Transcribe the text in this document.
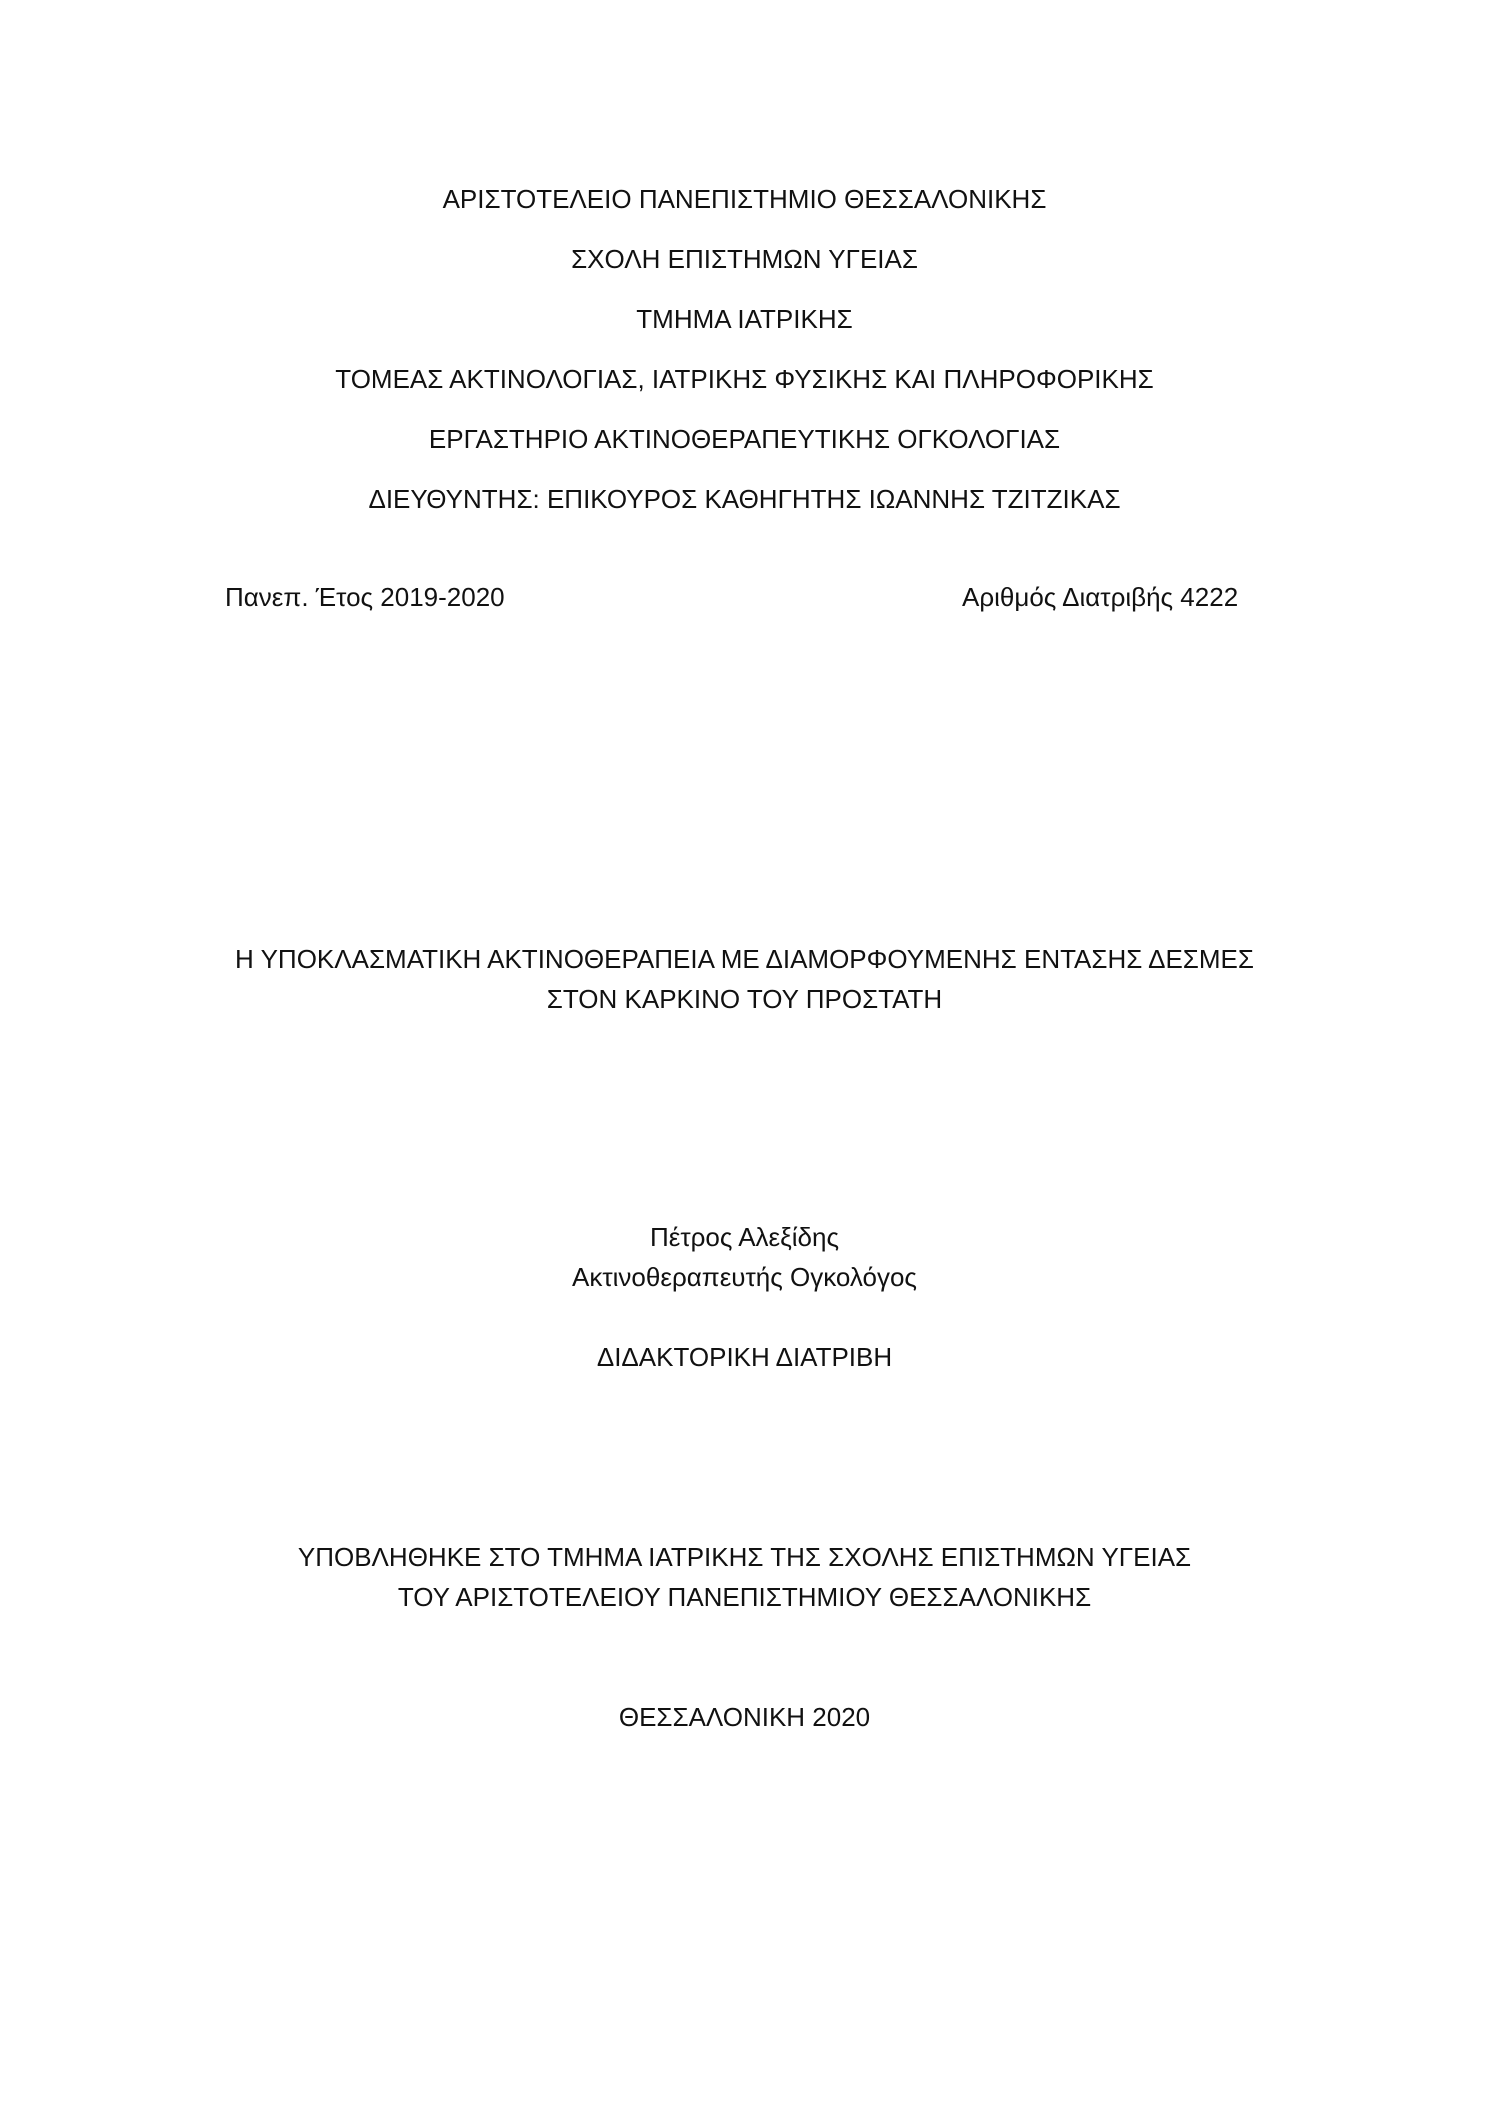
ΑΡΙΣΤΟΤΕΛΕΙΟ ΠΑΝΕΠΙΣΤΗΜΙΟ ΘΕΣΣΑΛΟΝΙΚΗΣ
ΣΧΟΛΗ ΕΠΙΣΤΗΜΩΝ ΥΓΕΙΑΣ
ΤΜΗΜΑ ΙΑΤΡΙΚΗΣ
ΤΟΜΕΑΣ ΑΚΤΙΝΟΛΟΓΙΑΣ, ΙΑΤΡΙΚΗΣ ΦΥΣΙΚΗΣ ΚΑΙ ΠΛΗΡΟΦΟΡΙΚΗΣ
ΕΡΓΑΣΤΗΡΙΟ ΑΚΤΙΝΟΘΕΡΑΠΕΥΤΙΚΗΣ ΟΓΚΟΛΟΓΙΑΣ
ΔΙΕΥΘΥΝΤΗΣ: ΕΠΙΚΟΥΡΟΣ ΚΑΘΗΓΗΤΗΣ ΙΩΑΝΝΗΣ ΤΖΙΤΖΙΚΑΣ
Πανεπ. Έτος 2019-2020	Αριθμός Διατριβής 4222
Η ΥΠΟΚΛΑΣΜΑΤΙΚΗ ΑΚΤΙΝΟΘΕΡΑΠΕΙΑ ΜΕ ΔΙΑΜΟΡΦΟΥΜΕΝΗΣ ΕΝΤΑΣΗΣ ΔΕΣΜΕΣ
ΣΤΟΝ ΚΑΡΚΙΝΟ ΤΟΥ ΠΡΟΣΤΑΤΗ
Πέτρος Αλεξίδης
Ακτινοθεραπευτής Ογκολόγος
ΔΙΔΑΚΤΟΡΙΚΗ ΔΙΑΤΡΙΒΗ
ΥΠΟΒΛΗΘΗΚΕ ΣΤΟ ΤΜΗΜΑ ΙΑΤΡΙΚΗΣ ΤΗΣ ΣΧΟΛΗΣ ΕΠΙΣΤΗΜΩΝ ΥΓΕΙΑΣ
ΤΟΥ ΑΡΙΣΤΟΤΕΛΕΙΟΥ ΠΑΝΕΠΙΣΤΗΜΙΟΥ ΘΕΣΣΑΛΟΝΙΚΗΣ
ΘΕΣΣΑΛΟΝΙΚΗ 2020
